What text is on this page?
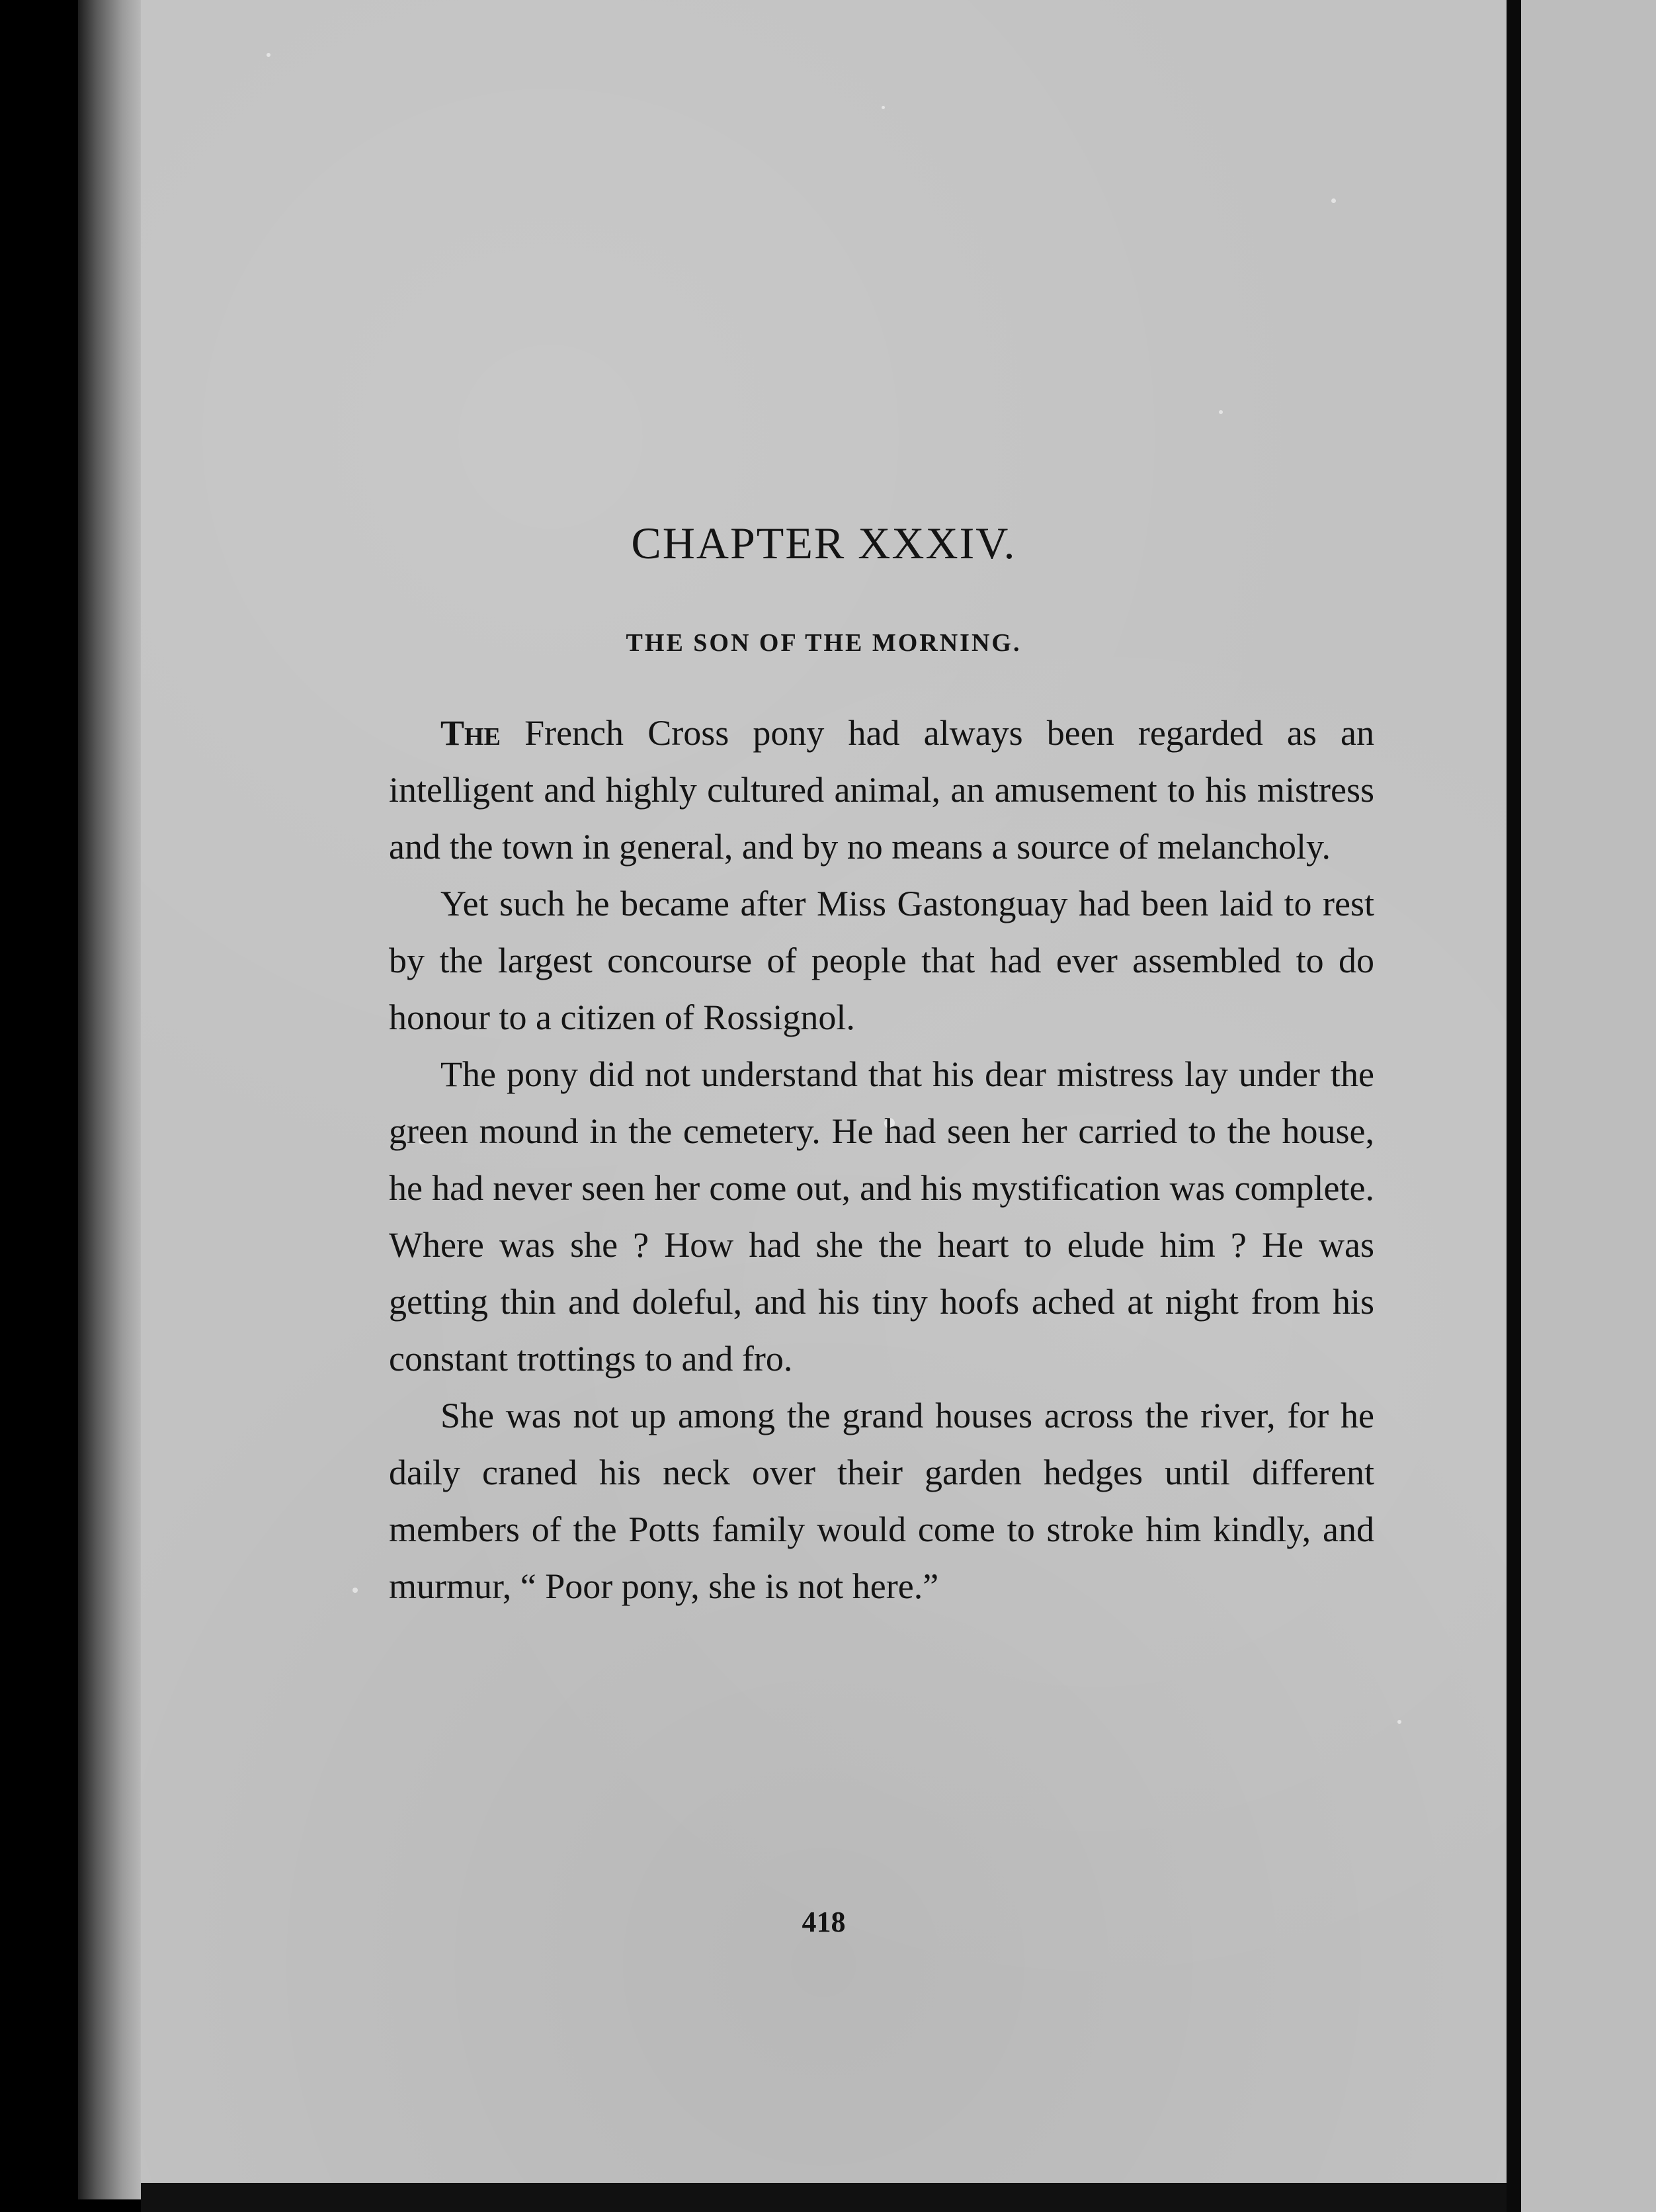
CHAPTER XXXIV.
THE SON OF THE MORNING.

The French Cross pony had always been regarded as an intelligent and highly cultured animal, an amusement to his mistress and the town in general, and by no means a source of melancholy.

Yet such he became after Miss Gastonguay had been laid to rest by the largest concourse of people that had ever assembled to do honour to a citizen of Rossignol.

The pony did not understand that his dear mistress lay under the green mound in the cemetery. He had seen her carried to the house, he had never seen her come out, and his mystification was complete. Where was she ? How had she the heart to elude him ? He was getting thin and doleful, and his tiny hoofs ached at night from his constant trottings to and fro.

She was not up among the grand houses across the river, for he daily craned his neck over their garden hedges until different members of the Potts family would come to stroke him kindly, and murmur, “ Poor pony, she is not here.”

418
